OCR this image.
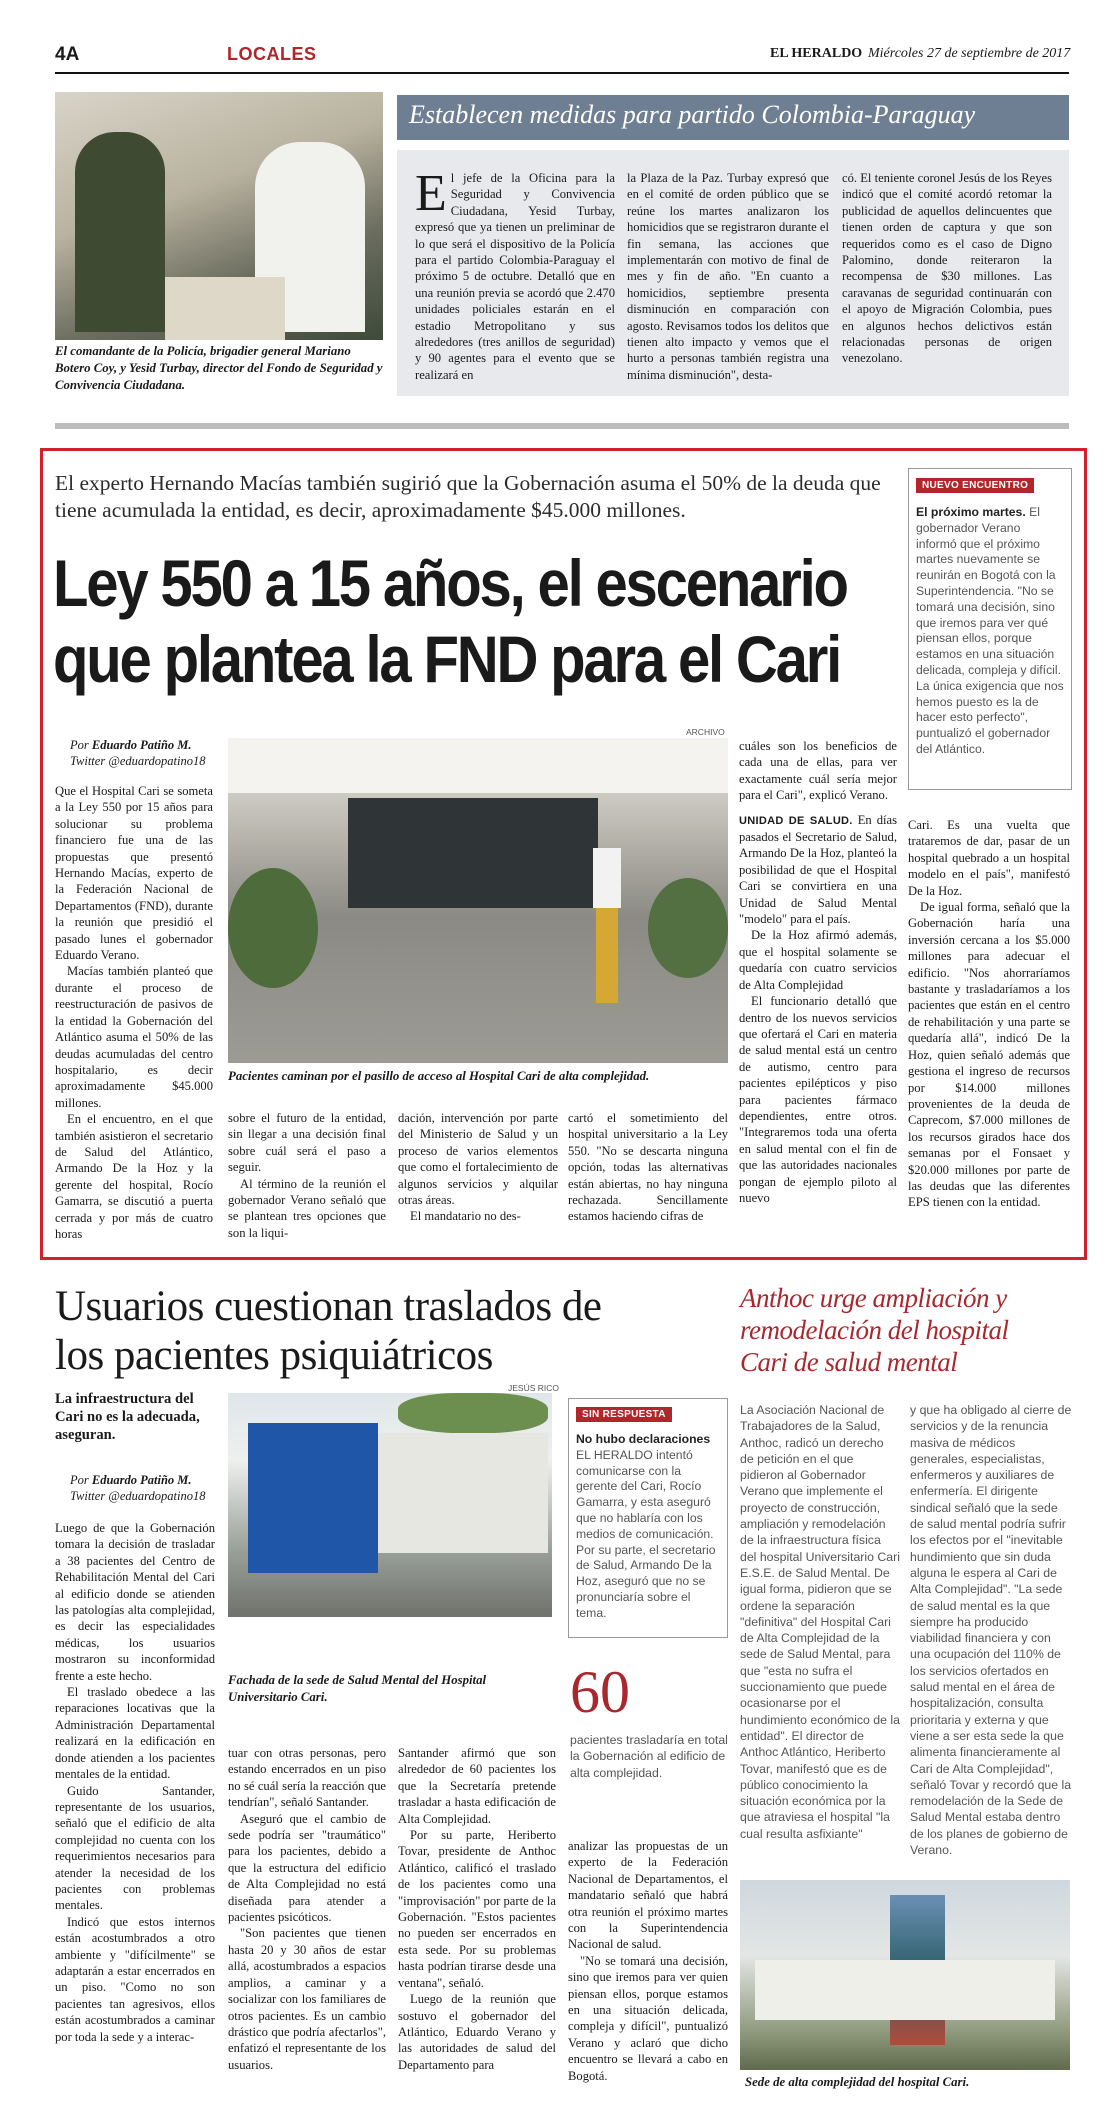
4A	LOCALES	EL HERALDO Miércoles 27 de septiembre de 2017
El comandante de la Policía, brigadier general Mariano Botero Coy, y Yesid Turbay, director del Fondo de Seguridad y Convivencia Ciudadana.
Establecen medidas para partido Colombia-Paraguay
El jefe de la Oficina para la Seguridad y Convivencia Ciudadana, Yesid Turbay, expresó que ya tienen un preliminar de lo que será el dispositivo de la Policía para el partido Colombia-Paraguay el próximo 5 de octubre. Detalló que en una reunión previa se acordó que 2.470 unidades policiales estarán en el estadio Metropolitano y sus alrededores (tres anillos de seguridad) y 90 agentes para el evento que se realizará en
la Plaza de la Paz. Turbay expresó que en el comité de orden público que se reúne los martes analizaron los homicidios que se registraron durante el fin semana, las acciones que implementarán con motivo de final de mes y fin de año. "En cuanto a homicidios, septiembre presenta disminución en comparación con agosto. Revisamos todos los delitos que tienen alto impacto y vemos que el hurto a personas también registra una mínima disminución", desta-
có. El teniente coronel Jesús de los Reyes indicó que el comité acordó retomar la publicidad de aquellos delincuentes que tienen orden de captura y que son requeridos como es el caso de Digno Palomino, donde reiteraron la recompensa de $30 millones. Las caravanas de seguridad continuarán con el apoyo de Migración Colombia, pues en algunos hechos delictivos están relacionadas personas de origen venezolano.
El experto Hernando Macías también sugirió que la Gobernación asuma el 50% de la deuda que tiene acumulada la entidad, es decir, aproximadamente $45.000 millones.
Ley 550 a 15 años, el escenario
que plantea la FND para el Cari
NUEVO ENCUENTRO
El próximo martes. El gobernador Verano informó que el próximo martes nuevamente se reunirán en Bogotá con la Superintendencia. "No se tomará una decisión, sino que iremos para ver qué piensan ellos, porque estamos en una situación delicada, compleja y difícil. La única exigencia que nos hemos puesto es la de hacer esto perfecto", puntualizó el gobernador del Atlántico.
Por Eduardo Patiño M.
Twitter @eduardopatino18
ARCHIVO
Pacientes caminan por el pasillo de acceso al Hospital Cari de alta complejidad.

Que el Hospital Cari se someta a la Ley 550 por 15 años para solucionar su problema financiero fue una de las propuestas que presentó Hernando Macías, experto de la Federación Nacional de Departamentos (FND), durante la reunión que presidió el pasado lunes el gobernador Eduardo Verano.

Macías también planteó que durante el proceso de reestructuración de pasivos de la entidad la Gobernación del Atlántico asuma el 50% de las deudas acumuladas del centro hospitalario, es decir aproximadamente $45.000 millones.

En el encuentro, en el que también asistieron el secretario de Salud del Atlántico, Armando De la Hoz y la gerente del hospital, Rocío Gamarra, se discutió a puerta cerrada y por más de cuatro horas

sobre el futuro de la entidad, sin llegar a una decisión final sobre cuál será el paso a seguir.

Al término de la reunión el gobernador Verano señaló que se plantean tres opciones que son la liqui-

dación, intervención por parte del Ministerio de Salud y un proceso de varios elementos que como el fortalecimiento de algunos servicios y alquilar otras áreas.

El mandatario no des-

cartó el sometimiento del hospital universitario a la Ley 550. "No se descarta ninguna opción, todas las alternativas están abiertas, no hay ninguna rechazada. Sencillamente estamos haciendo cifras de

cuáles son los beneficios de cada una de ellas, para ver exactamente cuál sería mejor para el Cari", explicó Verano.

UNIDAD DE SALUD. En días pasados el Secretario de Salud, Armando De la Hoz, planteó la posibilidad de que el Hospital Cari se convirtiera en una Unidad de Salud Mental "modelo" para el país.

De la Hoz afirmó además, que el hospital solamente se quedaría con cuatro servicios de Alta Complejidad

El funcionario detalló que dentro de los nuevos servicios que ofertará el Cari en materia de salud mental está un centro de autismo, centro para pacientes epilépticos y piso para pacientes fármaco dependientes, entre otros. "Integraremos toda una oferta en salud mental con el fin de que las autoridades nacionales pongan de ejemplo piloto al nuevo

Cari. Es una vuelta que trataremos de dar, pasar de un hospital quebrado a un hospital modelo en el país", manifestó De la Hoz.

De igual forma, señaló que la Gobernación haría una inversión cercana a los $5.000 millones para adecuar el edificio. "Nos ahorraríamos bastante y trasladaríamos a los pacientes que están en el centro de rehabilitación y una parte se quedaría allá", indicó De la Hoz, quien señaló además que gestiona el ingreso de recursos por $14.000 millones provenientes de la deuda de Caprecom, $7.000 millones de los recursos girados hace dos semanas por el Fonsaet y $20.000 millones por parte de las deudas que las diferentes EPS tienen con la entidad.

Usuarios cuestionan traslados de los pacientes psiquiátricos
La infraestructura del Cari no es la adecuada, aseguran.
Por Eduardo Patiño M.
Twitter @eduardopatino18
JESÚS RICO
Fachada de la sede de Salud Mental del Hospital Universitario Cari.

Luego de que la Gobernación tomara la decisión de trasladar a 38 pacientes del Centro de Rehabilitación Mental del Cari al edificio donde se atienden las patologías alta complejidad, es decir las especialidades médicas, los usuarios mostraron su inconformidad frente a este hecho.

El traslado obedece a las reparaciones locativas que la Administración Departamental realizará en la edificación en donde atienden a los pacientes mentales de la entidad.

Guido Santander, representante de los usuarios, señaló que el edificio de alta complejidad no cuenta con los requerimientos necesarios para atender la necesidad de los pacientes con problemas mentales.

Indicó que estos internos están acostumbrados a otro ambiente y "difícilmente" se adaptarán a estar encerrados en un piso. "Como no son pacientes tan agresivos, ellos están acostumbrados a caminar por toda la sede y a interac-

tuar con otras personas, pero estando encerrados en un piso no sé cuál sería la reacción que tendrían", señaló Santander.

Aseguró que el cambio de sede podría ser "traumático" para los pacientes, debido a que la estructura del edificio de Alta Complejidad no está diseñada para atender a pacientes psicóticos.

"Son pacientes que tienen hasta 20 y 30 años de estar allá, acostumbrados a espacios amplios, a caminar y a socializar con los familiares de otros pacientes. Es un cambio drástico que podría afectarlos", enfatizó el representante de los usuarios.

Santander afirmó que son alrededor de 60 pacientes los que la Secretaría pretende trasladar a hasta edificación de Alta Complejidad.

Por su parte, Heriberto Tovar, presidente de Anthoc Atlántico, calificó el traslado de los pacientes como una "improvisación" por parte de la Gobernación. "Estos pacientes no pueden ser encerrados en esta sede. Por su problemas hasta podrían tirarse desde una ventana", señaló.

Luego de la reunión que sostuvo el gobernador del Atlántico, Eduardo Verano y las autoridades de salud del Departamento para

analizar las propuestas de un experto de la Federación Nacional de Departamentos, el mandatario señaló que habrá otra reunión el próximo martes con la Superintendencia Nacional de salud.

"No se tomará una decisión, sino que iremos para ver quien piensan ellos, porque estamos en una situación delicada, compleja y difícil", puntualizó Verano y aclaró que dicho encuentro se llevará a cabo en Bogotá.

SIN RESPUESTA
No hubo declaraciones EL HERALDO intentó comunicarse con la gerente del Cari, Rocío Gamarra, y esta aseguró que no hablaría con los medios de comunicación. Por su parte, el secretario de Salud, Armando De la Hoz, aseguró que no se pronunciaría sobre el tema.
60
pacientes trasladaría en total la Gobernación al edificio de alta complejidad.
Anthoc urge ampliación y remodelación del hospital Cari de salud mental
La Asociación Nacional de Trabajadores de la Salud, Anthoc, radicó un derecho de petición en el que pidieron al Gobernador Verano que implemente el proyecto de construcción, ampliación y remodelación de la infraestructura física del hospital Universitario Cari E.S.E. de Salud Mental. De igual forma, pidieron que se ordene la separación "definitiva" del Hospital Cari de Alta Complejidad de la sede de Salud Mental, para que "esta no sufra el succionamiento que puede ocasionarse por el hundimiento económico de la entidad". El director de Anthoc Atlántico, Heriberto Tovar, manifestó que es de público conocimiento la situación económica por la que atraviesa el hospital "la cual resulta asfixiante"
y que ha obligado al cierre de servicios y de la renuncia masiva de médicos generales, especialistas, enfermeros y auxiliares de enfermería. El dirigente sindical señaló que la sede de salud mental podría sufrir los efectos por el "inevitable hundimiento que sin duda alguna le espera al Cari de Alta Complejidad". "La sede de salud mental es la que siempre ha producido viabilidad financiera y con una ocupación del 110% de los servicios ofertados en salud mental en el área de hospitalización, consulta prioritaria y externa y que viene a ser esta sede la que alimenta financieramente al Cari de Alta Complejidad", señaló Tovar y recordó que la remodelación de la Sede de Salud Mental estaba dentro de los planes de gobierno de Verano.
Sede de alta complejidad del hospital Cari.
